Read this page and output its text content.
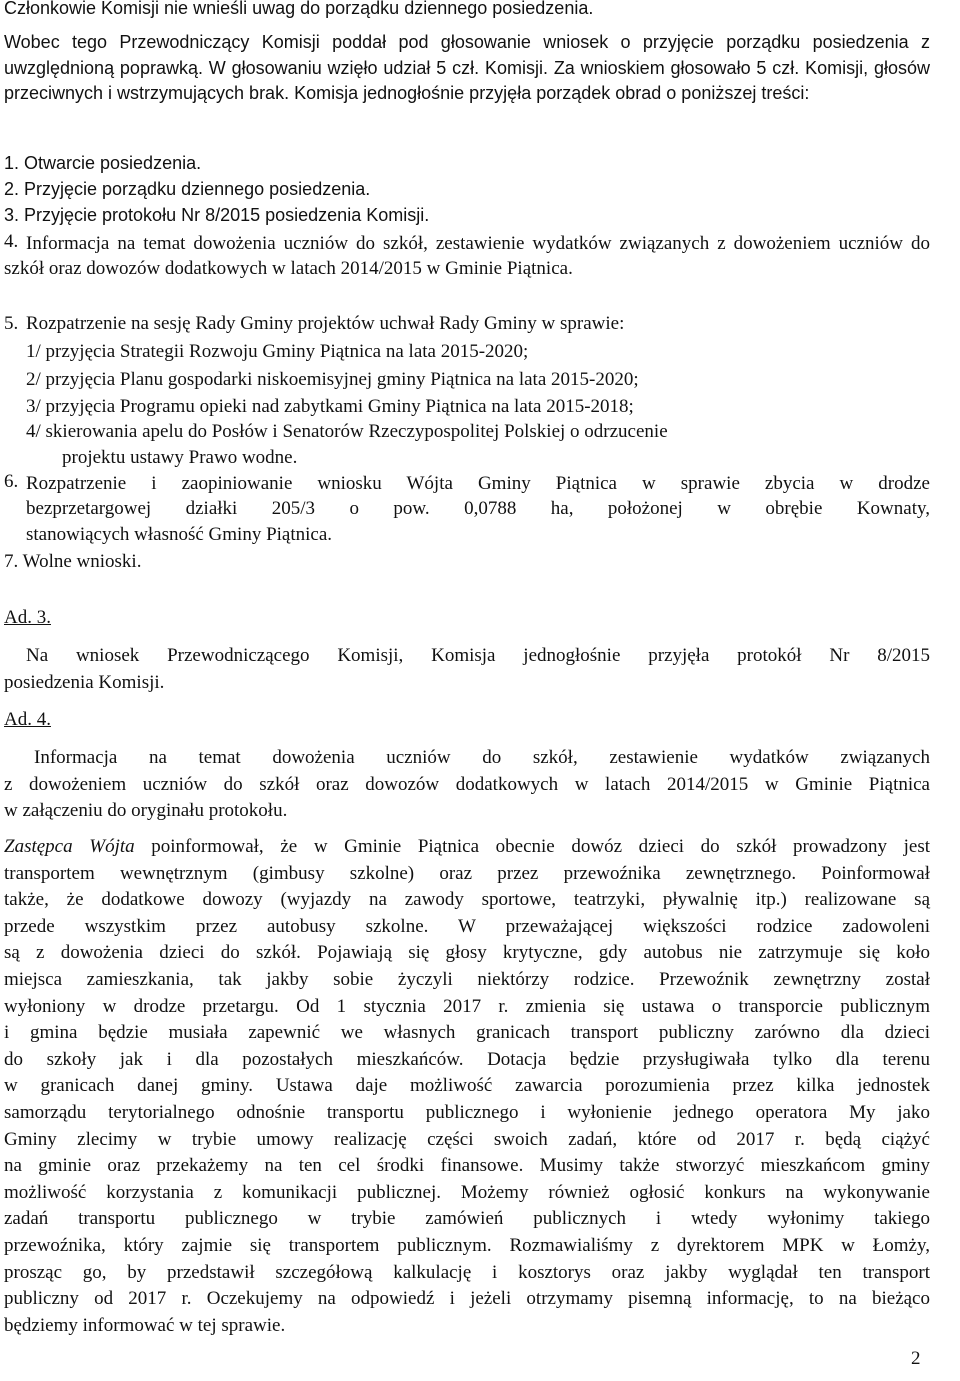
Członkowie Komisji nie wnieśli uwag do porządku dziennego posiedzenia.

Wobec tego Przewodniczący Komisji poddał pod głosowanie wniosek o przyjęcie porządku posiedzenia z uwzględnioną poprawką. W głosowaniu wzięło udział 5 czł. Komisji. Za wnioskiem głosowało 5 czł. Komisji, głosów przeciwnych i wstrzymujących brak. Komisja jednogłośnie przyjęła porządek obrad o poniższej treści:

1. Otwarcie posiedzenia.

2. Przyjęcie porządku dziennego posiedzenia.

3. Przyjęcie protokołu Nr 8/2015 posiedzenia Komisji.

4. Informacja na temat dowożenia uczniów do szkół, zestawienie wydatków związanych z dowożeniem uczniów do szkół oraz dowozów dodatkowych w latach 2014/2015 w Gminie Piątnica.
5. Rozpatrzenie na sesję Rady Gminy projektów uchwał Rady Gminy w sprawie:

1/ przyjęcia Strategii Rozwoju Gminy Piątnica na lata 2015-2020;

2/ przyjęcia Planu gospodarki niskoemisyjnej gminy Piątnica na lata 2015-2020;

3/ przyjęcia Programu opieki nad zabytkami Gminy Piątnica na lata 2015-2018;

4/ skierowania apelu do Posłów i Senatorów Rzeczypospolitej Polskiej o odrzucenie

projektu ustawy Prawo wodne.

6. Rozpatrzenie i zaopiniowanie wniosku Wójta Gminy Piątnica w sprawie zbycia w drodze
bezprzetargowej działki 205/3 o pow. 0,0788 ha, położonej w obrębie Kownaty,
stanowiących własność Gminy Piątnica.

7. Wolne wnioski.

Ad. 3.

Na wniosek Przewodniczącego Komisji, Komisja jednogłośnie przyjęła protokół Nr 8/2015
posiedzenia Komisji.

Ad. 4.

Informacja na temat dowożenia uczniów do szkół, zestawienie wydatków związanych
z dowożeniem uczniów do szkół oraz dowozów dodatkowych w latach 2014/2015 w Gminie Piątnica
w załączeniu do oryginału protokołu.
Zastępca Wójta poinformował, że w Gminie Piątnica obecnie dowóz dzieci do szkół prowadzony jest
transportem wewnętrznym (gimbusy szkolne) oraz przez przewoźnika zewnętrznego. Poinformował
także, że dodatkowe dowozy (wyjazdy na zawody sportowe, teatrzyki, pływalnię itp.) realizowane są
przede wszystkim przez autobusy szkolne. W przeważającej większości rodzice zadowoleni
są z dowożenia dzieci do szkół. Pojawiają się głosy krytyczne, gdy autobus nie zatrzymuje się koło
miejsca zamieszkania, tak jakby sobie życzyli niektórzy rodzice. Przewoźnik zewnętrzny został
wyłoniony w drodze przetargu. Od 1 stycznia 2017 r. zmienia się ustawa o transporcie publicznym
i gmina będzie musiała zapewnić we własnych granicach transport publiczny zarówno dla dzieci
do szkoły jak i dla pozostałych mieszkańców. Dotacja będzie przysługiwała tylko dla terenu
w granicach danej gminy. Ustawa daje możliwość zawarcia porozumienia przez kilka jednostek
samorządu terytorialnego odnośnie transportu publicznego i wyłonienie jednego operatora My jako
Gminy zlecimy w trybie umowy realizację części swoich zadań, które od 2017 r. będą ciążyć
na gminie oraz przekażemy na ten cel środki finansowe. Musimy także stworzyć mieszkańcom gminy
możliwość korzystania z komunikacji publicznej. Możemy również ogłosić konkurs na wykonywanie
zadań transportu publicznego w trybie zamówień publicznych i wtedy wyłonimy takiego
przewoźnika, który zajmie się transportem publicznym. Rozmawialiśmy z dyrektorem MPK w Łomży,
prosząc go, by przedstawił szczegółową kalkulację i kosztorys oraz jakby wyglądał ten transport
publiczny od 2017 r. Oczekujemy na odpowiedź i jeżeli otrzymamy pisemną informację, to na bieżąco
będziemy informować w tej sprawie.

2
